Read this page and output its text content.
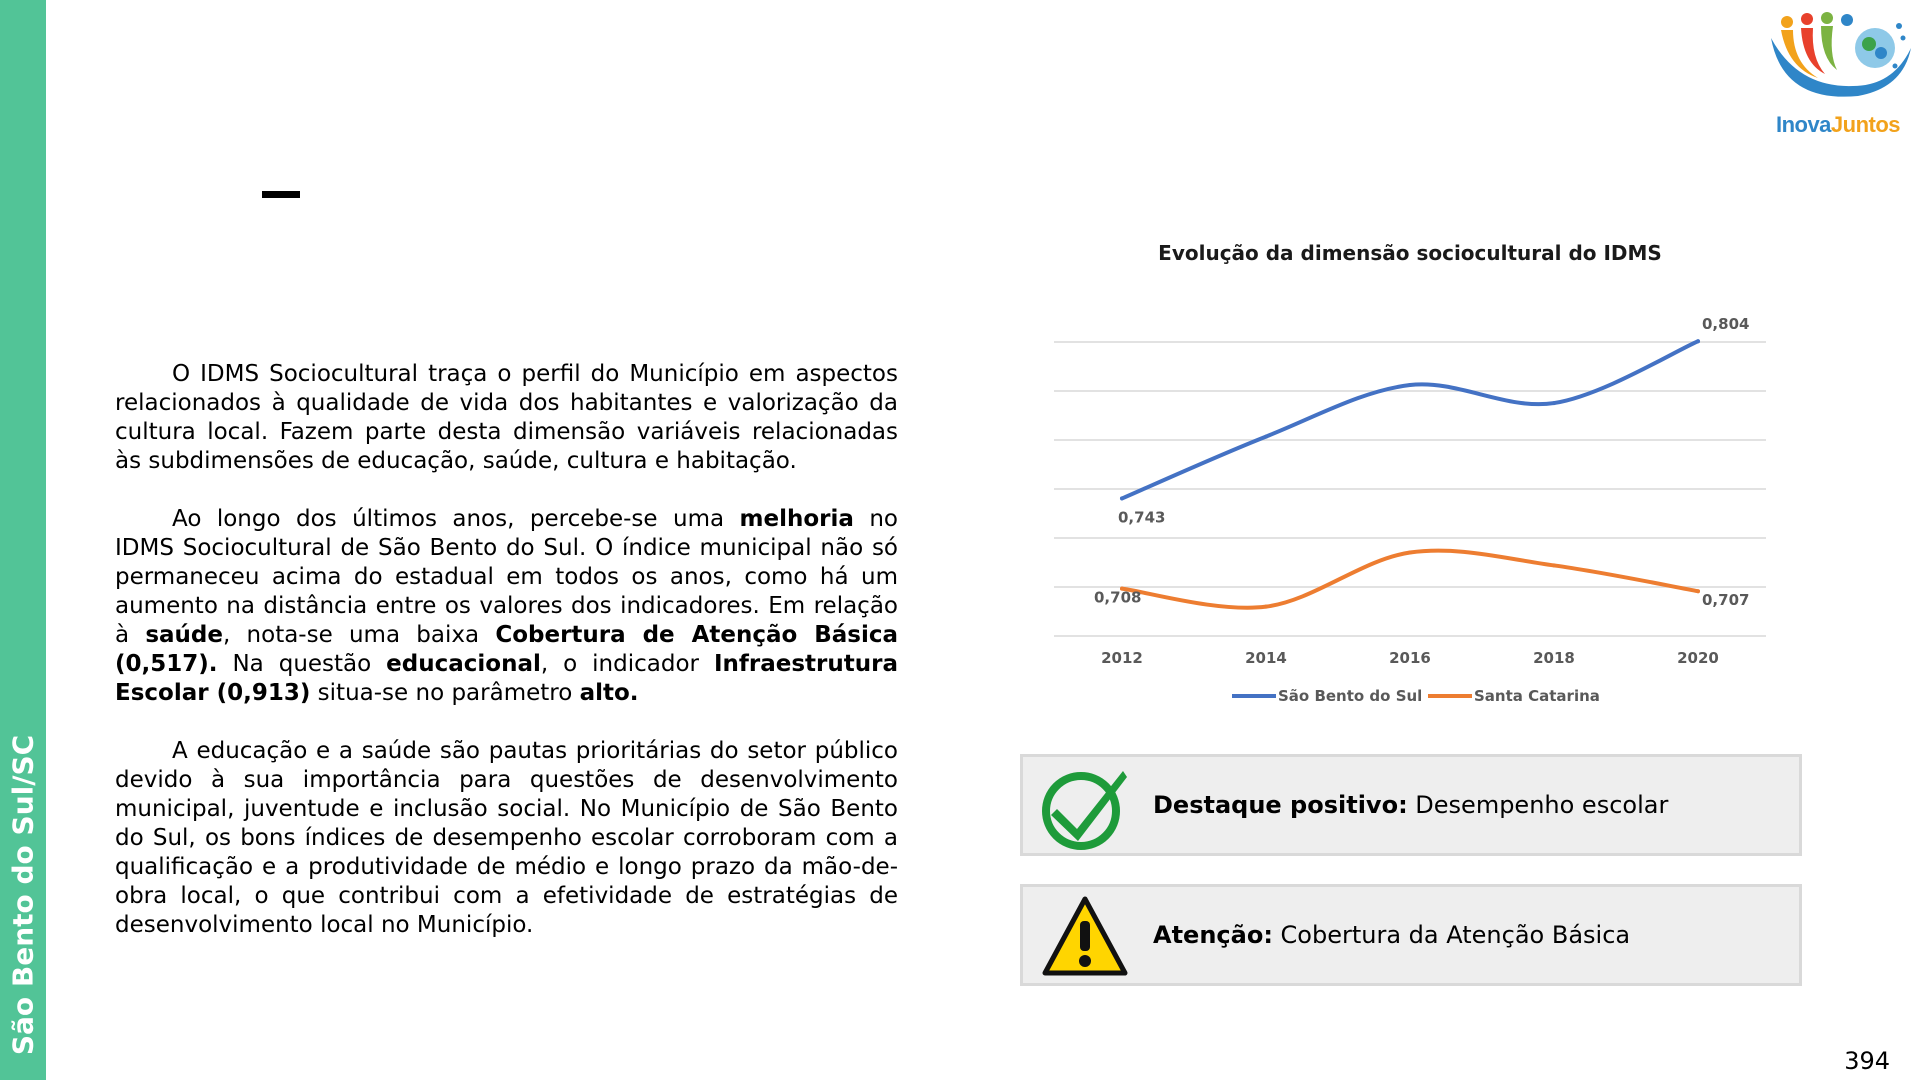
São Bento do Sul/SC
InovaJuntos

O IDMS Sociocultural traça o perfil do Município em aspectos relacionados à qualidade de vida dos habitantes e valorização da cultura local. Fazem parte desta dimensão variáveis relacionadas às subdimensões de educação, saúde, cultura e habitação.

Ao longo dos últimos anos, percebe-se uma melhoria no IDMS Sociocultural de São Bento do Sul. O índice municipal não só permaneceu acima do estadual em todos os anos, como há um aumento na distância entre os valores dos indicadores. Em relação à saúde, nota-se uma baixa Cobertura de Atenção Básica (0,517). Na questão educacional, o indicador Infraestrutura Escolar (0,913) situa-se no parâmetro alto.

A educação e a saúde são pautas prioritárias do setor público devido à sua importância para questões de desenvolvimento municipal, juventude e inclusão social. No Município de São Bento do Sul, os bons índices de desempenho escolar corroboram com a qualificação e a produtividade de médio e longo prazo da mão-de-obra local, o que contribui com a efetividade de estratégias de desenvolvimento local no Município.

Evolução da dimensão sociocultural do IDMS
0,743
0,804
0,708	0,707
2012	2014	2016	2018	2020
São Bento do Sul	Santa Catarina
Destaque positivo: Desempenho escolar
Atenção: Cobertura da Atenção Básica
394
